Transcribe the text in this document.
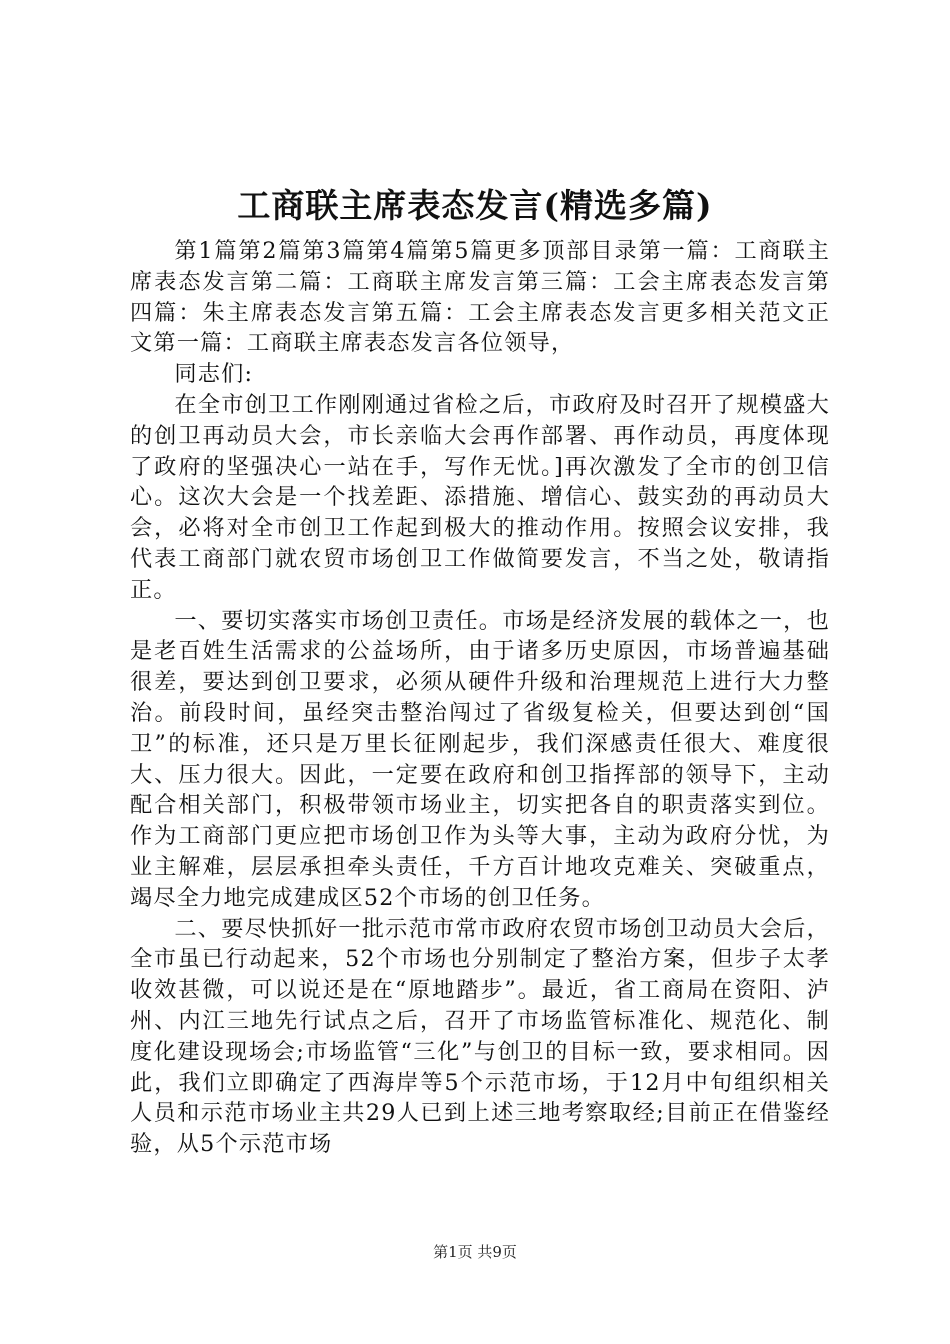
工商联主席表态发言(精选多篇)

第1篇第2篇第3篇第4篇第5篇更多顶部目录第一篇：工商联主席表态发言第二篇：工商联主席发言第三篇：工会主席表态发言第四篇：朱主席表态发言第五篇：工会主席表态发言更多相关范文正文第一篇：工商联主席表态发言各位领导，

同志们:

在全市创卫工作刚刚通过省检之后，市政府及时召开了规模盛大的创卫再动员大会，市长亲临大会再作部署、再作动员，再度体现了政府的坚强决心一站在手，写作无忧。]再次激发了全市的创卫信心。这次大会是一个找差距、添措施、增信心、鼓实劲的再动员大会，必将对全市创卫工作起到极大的推动作用。按照会议安排，我代表工商部门就农贸市场创卫工作做简要发言，不当之处，敬请指正。

一、要切实落实市场创卫责任。市场是经济发展的载体之一，也是老百姓生活需求的公益场所，由于诸多历史原因，市场普遍基础很差，要达到创卫要求，必须从硬件升级和治理规范上进行大力整治。前段时间，虽经突击整治闯过了省级复检关，但要达到创“国卫”的标准，还只是万里长征刚起步，我们深感责任很大、难度很大、压力很大。因此，一定要在政府和创卫指挥部的领导下，主动配合相关部门，积极带领市场业主，切实把各自的职责落实到位。作为工商部门更应把市场创卫作为头等大事，主动为政府分忧，为业主解难，层层承担牵头责任，千方百计地攻克难关、突破重点，竭尽全力地完成建成区52个市场的创卫任务。

二、要尽快抓好一批示范市常市政府农贸市场创卫动员大会后，全市虽已行动起来，52个市场也分别制定了整治方案，但步子太孝收效甚微，可以说还是在“原地踏步”。最近，省工商局在资阳、泸州、内江三地先行试点之后，召开了市场监管标准化、规范化、制度化建设现场会;市场监管“三化”与创卫的目标一致，要求相同。因此，我们立即确定了西海岸等5个示范市场，于12月中旬组织相关人员和示范市场业主共29人已到上述三地考察取经;目前正在借鉴经验，从5个示范市场

第1页 共9页
